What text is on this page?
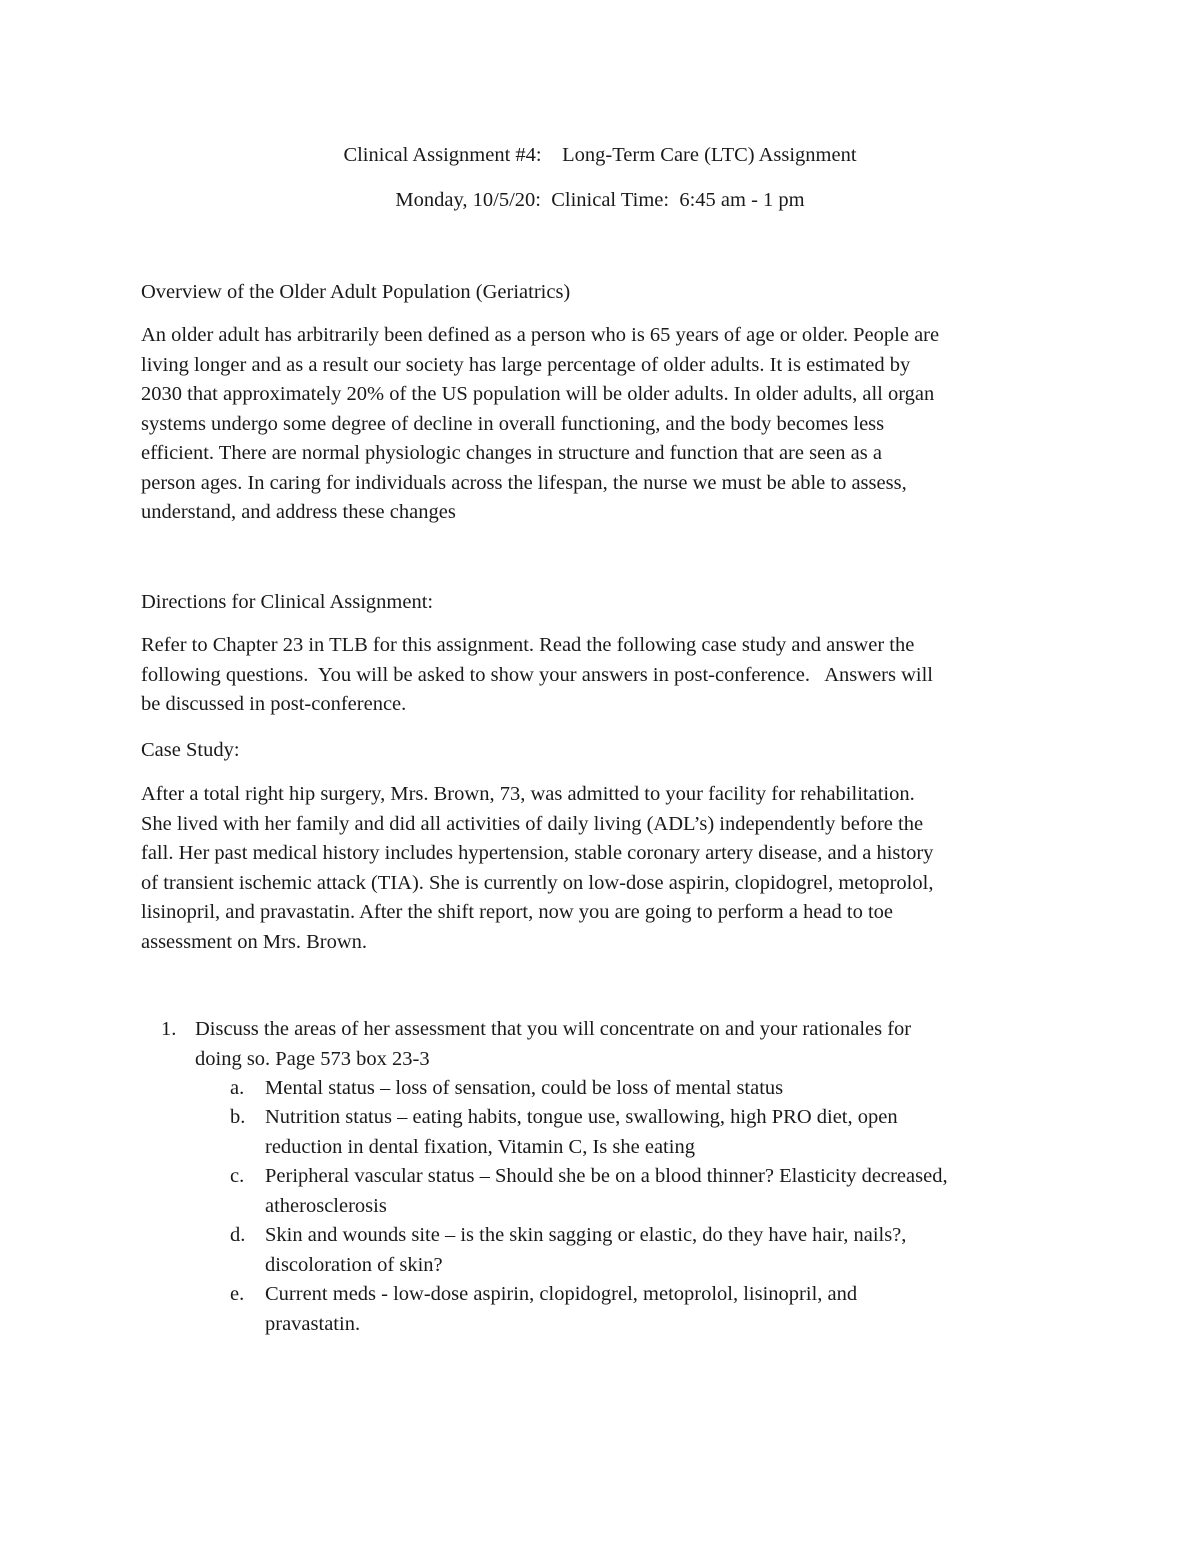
Clinical Assignment #4:    Long-Term Care (LTC) Assignment
Monday, 10/5/20:  Clinical Time:  6:45 am - 1 pm
Overview of the Older Adult Population (Geriatrics)
An older adult has arbitrarily been defined as a person who is 65 years of age or older. People are
living longer and as a result our society has large percentage of older adults. It is estimated by
2030 that approximately 20% of the US population will be older adults. In older adults, all organ
systems undergo some degree of decline in overall functioning, and the body becomes less
efficient. There are normal physiologic changes in structure and function that are seen as a
person ages. In caring for individuals across the lifespan, the nurse we must be able to assess,
understand, and address these changes
Directions for Clinical Assignment:
Refer to Chapter 23 in TLB for this assignment. Read the following case study and answer the
following questions.  You will be asked to show your answers in post-conference.   Answers will
be discussed in post-conference.
Case Study:
After a total right hip surgery, Mrs. Brown, 73, was admitted to your facility for rehabilitation.
She lived with her family and did all activities of daily living (ADL’s) independently before the
fall. Her past medical history includes hypertension, stable coronary artery disease, and a history
of transient ischemic attack (TIA). She is currently on low-dose aspirin, clopidogrel, metoprolol,
lisinopril, and pravastatin. After the shift report, now you are going to perform a head to toe
assessment on Mrs. Brown.
1. Discuss the areas of her assessment that you will concentrate on and your rationales for
doing so. Page 573 box 23-3
a. Mental status – loss of sensation, could be loss of mental status
b. Nutrition status – eating habits, tongue use, swallowing, high PRO diet, open
reduction in dental fixation, Vitamin C, Is she eating
c. Peripheral vascular status – Should she be on a blood thinner? Elasticity decreased,
atherosclerosis
d. Skin and wounds site – is the skin sagging or elastic, do they have hair, nails?,
discoloration of skin?
e. Current meds - low-dose aspirin, clopidogrel, metoprolol, lisinopril, and
pravastatin.
